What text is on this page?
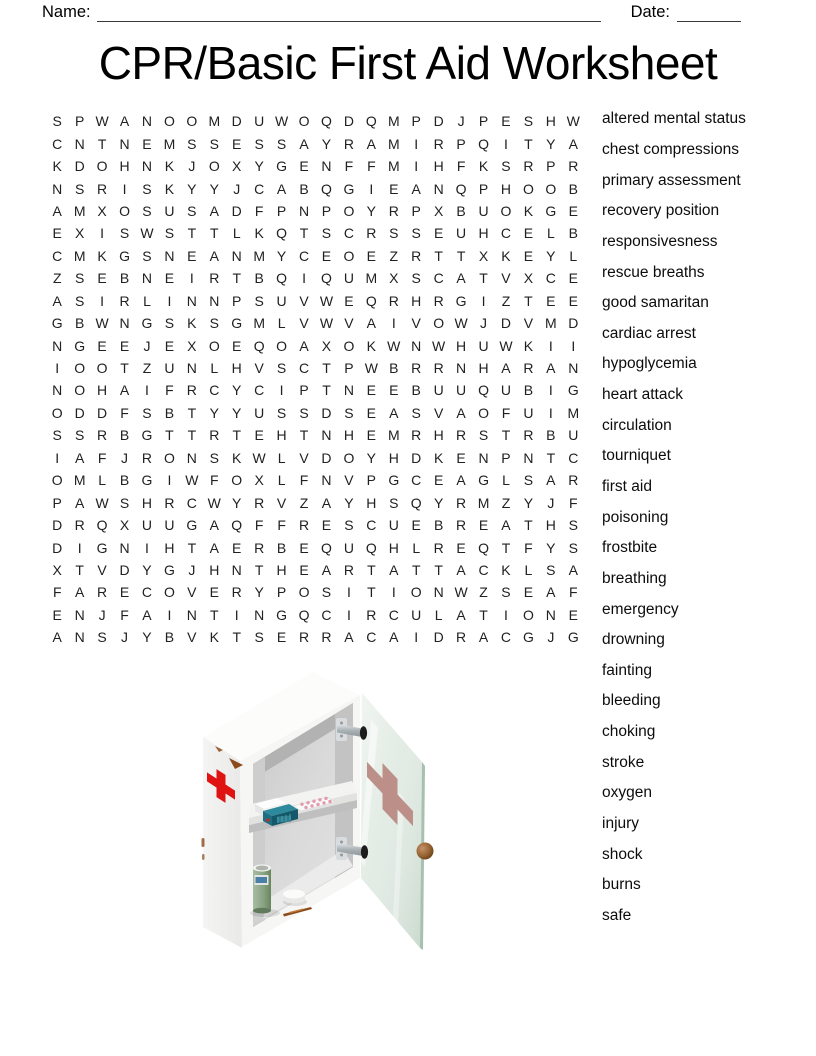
Name:	Date:
CPR/Basic First Aid Worksheet
S P W A N O O M D U W O Q D Q M P D J	P E S H W
C N T N E M S S E S S A Y R A M	I	R P Q	I	T Y A
K D O H N K	J O X Y G E N F F M	I	H F K S R P R
N S R	I	S K Y Y	J C A B Q G	I	E A N Q P H O O B
A M X O S U S A D F P N P O Y R P X B U O K G E
E X	I	S W S T T	L K Q T S C R S S E U H C E L B
C M K G S N E A N M Y C E O E Z R T T X K E Y L
Z S E B N E	I	R T B Q	I	Q U M X S C A T V X C E
A S	I	R L	I	N N P S U V W E Q R H R G	I	Z T E E
G B W N G S K S G M L V W V A	I	V O W J D V M D
N G E E	J	E X O E Q O A X O K W N W H U W K	I	I
I	O O T Z U N L H V S C T P W B R R N H A R A N
N O H A	I	F R C Y C	I	P T N E E B U U Q U B	I	G
O D D F S B T Y Y U S S D S E A S V A O F U	I	M
S S R B G T T R T E H T N H E M R H R S T R B U
I	A F	J R O N S K W L V D O Y H D K E N P N T C
O M L B G	I W F O X L	F N V P G C E A G L S A R
P A W S H R C W Y R V Z A Y H S Q Y R M Z Y	J	F
D R Q X U U G A Q F F R E S C U E B R E A T H S
D	I	G N	I	H T A E R B E Q U Q H L R E Q T F Y S
X T V D Y G J H N T H E A R T A T T A C K L S A
F A R E C O V E R Y P O S	I	T	I	O N W Z S E A F
E N J	F A	I	N T	I	N G Q C	I	R C U L A T	I	O N E
A N S	J	Y B V K T S E R R A C A	I	D R A C G J G
altered mental status
chest compressions
primary assessment
recovery position
responsivesness
rescue breaths
good samaritan
cardiac arrest
hypoglycemia
heart attack
circulation
tourniquet
first aid
poisoning
frostbite
breathing
emergency
drowning
fainting
bleeding
choking
stroke
oxygen
injury
shock
burns
safe
